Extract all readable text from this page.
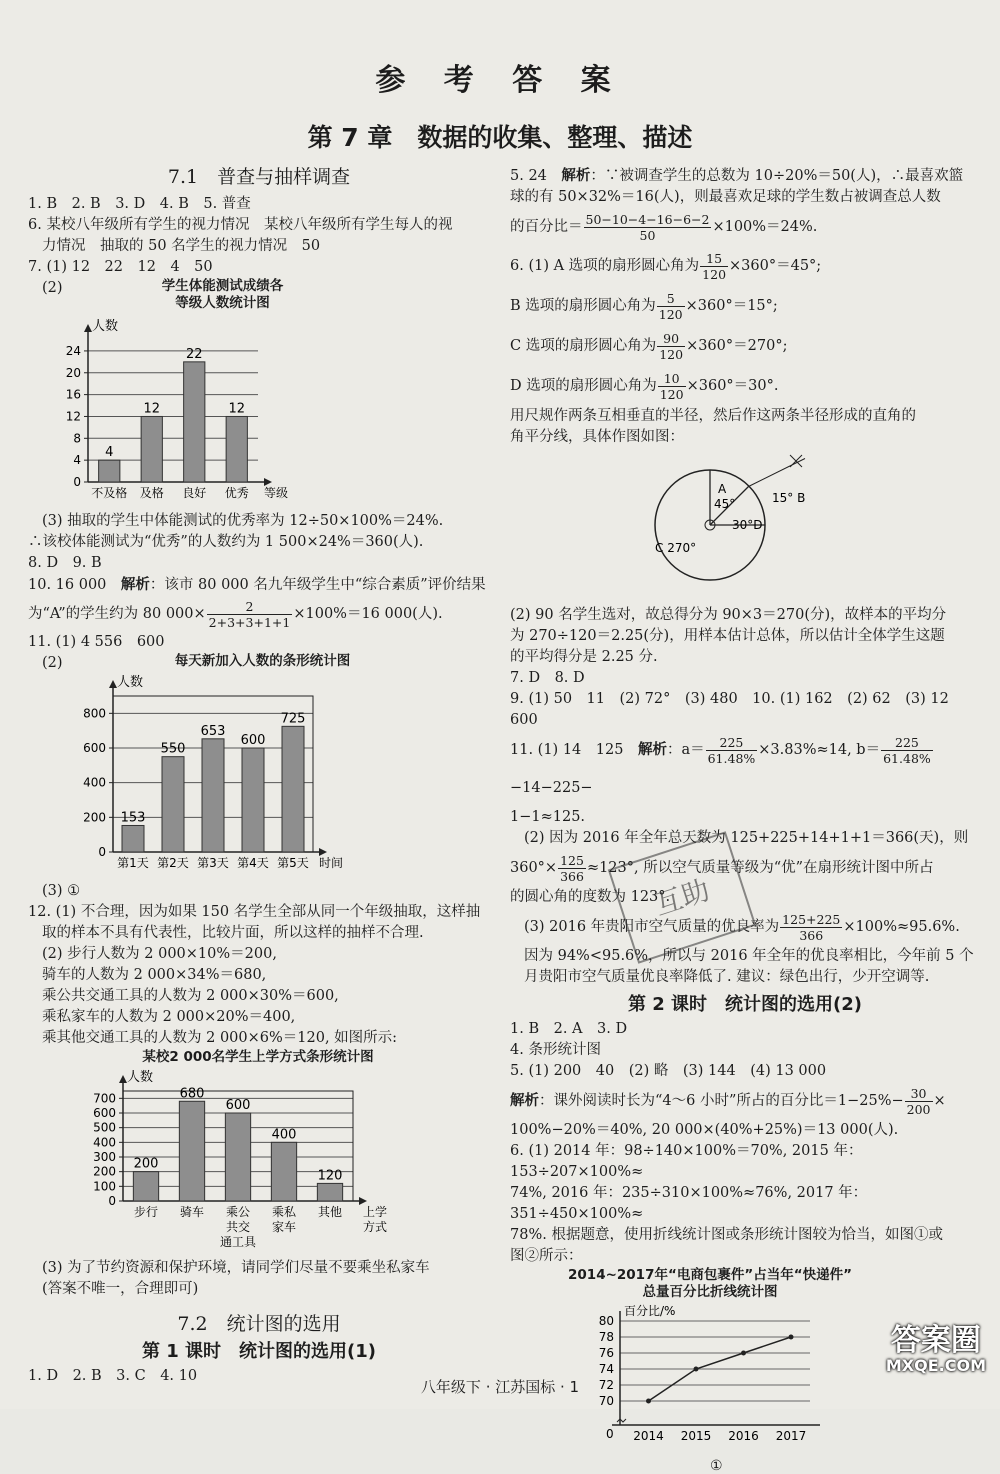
参 考 答 案
第 7 章　数据的收集、整理、描述
7.1　普查与抽样调查

1. B　2. B　3. D　4. B　5. 普查

6. 某校八年级所有学生的视力情况　某校八年级所有学生每人的视

力情况　抽取的 50 名学生的视力情况　50

7. (1) 12　22　12　4　50

(2)	学生体能测试成绩各
等级人数统计图
0
4
8
12
16
20
24
人数
4
不及格
12
及格
22
良好
12
优秀 等级

(3) 抽取的学生中体能测试的优秀率为 12÷50×100%＝24%.

∴该校体能测试为“优秀”的人数约为 1 500×24%＝360(人).

8. D　9. B

10. 16 000　 解析：该市 80 000 名九年级学生中“综合素质”评价结果

为“A”的学生约为 80 $000\times \frac{2}{2+3+3+1+1} \times 100\%=16$ 000(人).

11. (1) 4 556　600

(2)	每天新加入人数的条形统计图
0
200
400
600
800
人数
153
第1天
550
第2天
653
第3天
600
第4天
725
第5天 时间

(3) ①

12. (1) 不合理，因为如果 150 名学生全部从同一个年级抽取，这样抽

取的样本不具有代表性，比较片面，所以这样的抽样不合理.

(2) 步行人数为 2 000×10%＝200,

骑车的人数为 2 000×34%＝680,

乘公共交通工具的人数为 2 000×30%＝600,

乘私家车的人数为 2 000×20%＝400,

乘其他交通工具的人数为 2 000×6%＝120, 如图所示:

某校2 000名学生上学方式条形统计图
0
100
200
300
400
500
600
700
人数
200
步行
680
骑车
600
乘公
共交
通工具
400
乘私
家车
120
其他 上学
方式

(3) 为了节约资源和保护环境，请同学们尽量不要乘坐私家车

(答案不唯一，合理即可)

7.2　统计图的选用
第 1 课时　统计图的选用(1)

1. D　2. B　3. C　4. 10

5. 24　 解析：∵被调查学生的总数为 10÷20%＝50(人)，∴最喜欢篮

球的有 50×32%＝16(人)，则最喜欢足球的学生数占被调查总人数

的百分比＝ $\frac{50-10-4-16-6-2}{50} \times 100\%=24\%$.

6. (1) A 选项的扇形圆心角为 $\frac{15}{120} \times 360^\circ=45^\circ$;

B 选项的扇形圆心角为 $\frac{5}{120} \times 360^\circ=15^\circ$;

C 选项的扇形圆心角为 $\frac{90}{120} \times 360^\circ=270^\circ$;

D 选项的扇形圆心角为 $\frac{10}{120} \times 360^\circ=30^\circ$.

用尺规作两条互相垂直的半径，然后作这两条半径形成的直角的

角平分线，具体作图如图：

A
45°	15° B
30°D
C 270°

(2) 90 名学生选对，故总得分为 90×3＝270(分)，故样本的平均分

为 270÷120＝2.25(分)，用样本估计总体，所以估计全体学生这题

的平均得分是 2.25 分.

7. D　8. D

9. (1) 50　11　(2) 72°　(3) 480　10. (1) 162　(2) 62　(3) 12 600

11. (1) 14　125　解析：$a= \frac{225}{61.48\%} \times 3.83\%\approx 14$, $b= \frac{225}{61.48\%}$
−14−225−

1−1≈125.

(2) 因为 2016 年全年总天数为 125+225+14+1+1＝366(天)，则

$360^\circ\times \frac{125}{366} \approx 123^\circ$, 所以空气质量等级为“优”在扇形统计图中所占

的圆心角的度数为 123°.

(3) 2016 年贵阳市空气质量的优良率为 $\frac{125+225}{366} \times 100\%\approx 95.6\%$.

因为 94%<95.6%，所以与 2016 年全年的优良率相比，今年前 5 个

月贵阳市空气质量优良率降低了. 建议：绿色出行，少开空调等.

第 2 课时　统计图的选用(2)

1. B　2. A　3. D

4. 条形统计图

5. (1) 200　40　(2) 略　(3) 144　(4) 13 000

解析：课外阅读时长为“4～6 小时”所占的百分比$=1-25\%- \frac{30}{200}$ ×

100%−20%＝40%, 20 000×(40%+25%)＝13 000(人).

6. (1) 2014 年：98÷140×100%＝70%, 2015 年：153÷207×100%≈

74%, 2016 年：235÷310×100%≈76%, 2017 年：351÷450×100%≈

78%. 根据题意，使用折线统计图或条形统计图较为恰当，如图①或

图②所示：

2014~2017年“电商包裹件”占当年“快递件”
总量百分比折线统计图
70
72
74
76
78
80
0
百分比/%
2014 2015 2016 2017
①
互助
八年级下 · 江苏国标 · 1
答案圈
MXQE.COM
